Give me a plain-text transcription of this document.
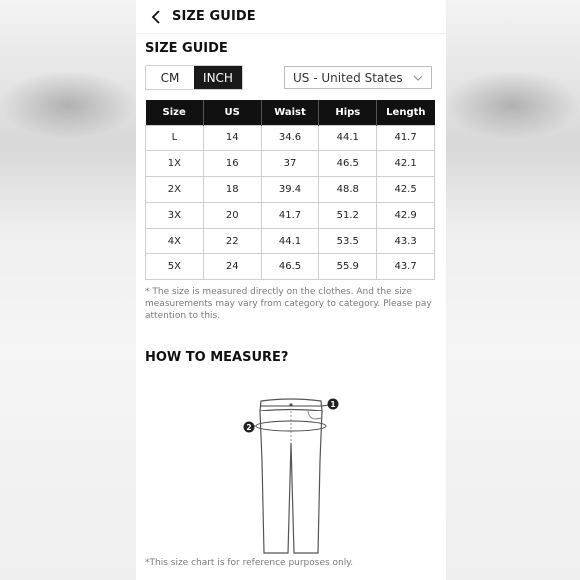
SIZE GUIDE
SIZE GUIDE
CM	INCH	US - United States
Size	US	Waist	Hips	Length
L	14	34.6	44.1	41.7
1X	16	37	46.5	42.1
2X	18	39.4	48.8	42.5
3X	20	41.7	51.2	42.9
4X	22	44.1	53.5	43.3
5X	24	46.5	55.9	43.7
* The size is measured directly on the clothes. And the size measurements may vary from category to category. Please pay attention to this.
HOW TO MEASURE?
1
2
*This size chart is for reference purposes only.
